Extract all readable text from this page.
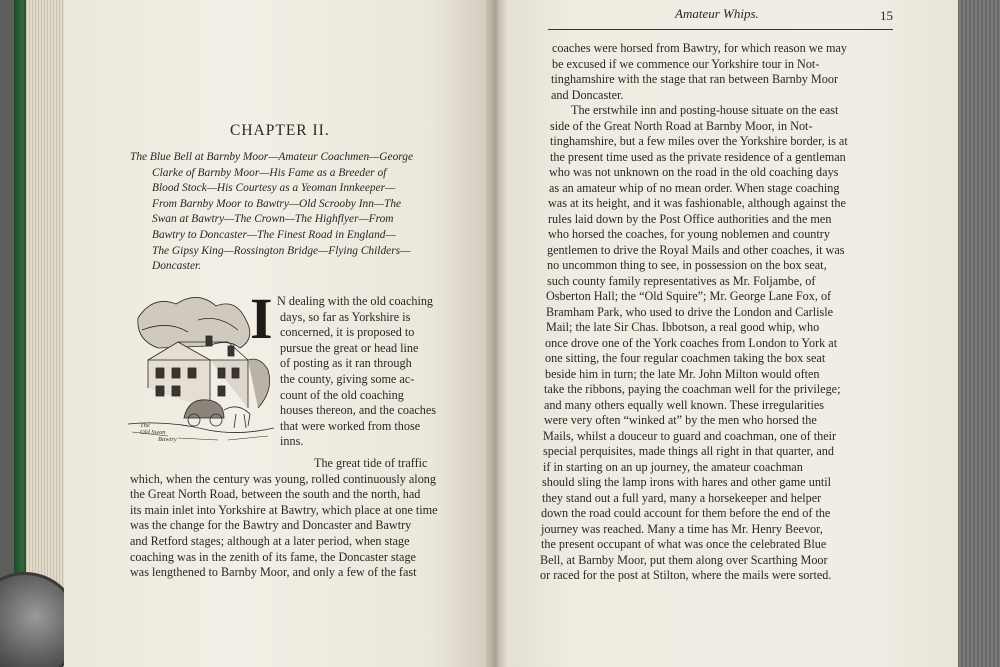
Amateur Whips.	15
coaches were horsed from Bawtry, for which reason we may
be excused if we commence our Yorkshire tour in Not-
tinghamshire with the stage that ran between Barnby Moor
and Doncaster.
The erstwhile inn and posting-house situate on the east
side of the Great North Road at Barnby Moor, in Not-
tinghamshire, but a few miles over the Yorkshire border, is at
the present time used as the private residence of a gentleman
who was not unknown on the road in the old coaching days
as an amateur whip of no mean order. When stage coaching
was at its height, and it was fashionable, although against the
rules laid down by the Post Office authorities and the men
who horsed the coaches, for young noblemen and country
gentlemen to drive the Royal Mails and other coaches, it was
no uncommon thing to see, in possession on the box seat,
such county family representatives as Mr. Foljambe, of
Osberton Hall; the “Old Squire”; Mr. George Lane Fox, of
Bramham Park, who used to drive the London and Carlisle
Mail; the late Sir Chas. Ibbotson, a real good whip, who
once drove one of the York coaches from London to York at
one sitting, the four regular coachmen taking the box seat
beside him in turn; the late Mr. John Milton would often
take the ribbons, paying the coachman well for the privilege;
and many others equally well known. These irregularities
were very often “winked at” by the men who horsed the
Mails, whilst a douceur to guard and coachman, one of their
special perquisites, made things all right in that quarter, and
if in starting on an up journey, the amateur coachman
should sling the lamp irons with hares and other game until
they stand out a full yard, many a horsekeeper and helper
down the road could account for them before the end of the
journey was reached. Many a time has Mr. Henry Beevor,
the present occupant of what was once the celebrated Blue
Bell, at Barnby Moor, put them along over Scarthing Moor
or raced for the post at Stilton, where the mails were sorted.
CHAPTER II.
The Blue Bell at Barnby Moor—Amateur Coachmen—George
Clarke of Barnby Moor—His Fame as a Breeder of
Blood Stock—His Courtesy as a Yeoman Innkeeper—
From Barnby Moor to Bawtry—Old Scrooby Inn—The
Swan at Bawtry—The Crown—The Highflyer—From
Bawtry to Doncaster—The Finest Road in England—
The Gipsy King—Rossington Bridge—Flying Childers—
Doncaster.
The
Old Swan
Bawtry
I N dealing with the old coaching
days, so far as Yorkshire is
concerned, it is proposed to
pursue the great or head line
of posting as it ran through
the county, giving some ac-
count of the old coaching
houses thereon, and the coaches
that were worked from those
inns.
The great tide of traffic
which, when the century was young, rolled continuously along
the Great North Road, between the south and the north, had
its main inlet into Yorkshire at Bawtry, which place at one time
was the change for the Bawtry and Doncaster and Bawtry
and Retford stages; although at a later period, when stage
coaching was in the zenith of its fame, the Doncaster stage
was lengthened to Barnby Moor, and only a few of the fast
